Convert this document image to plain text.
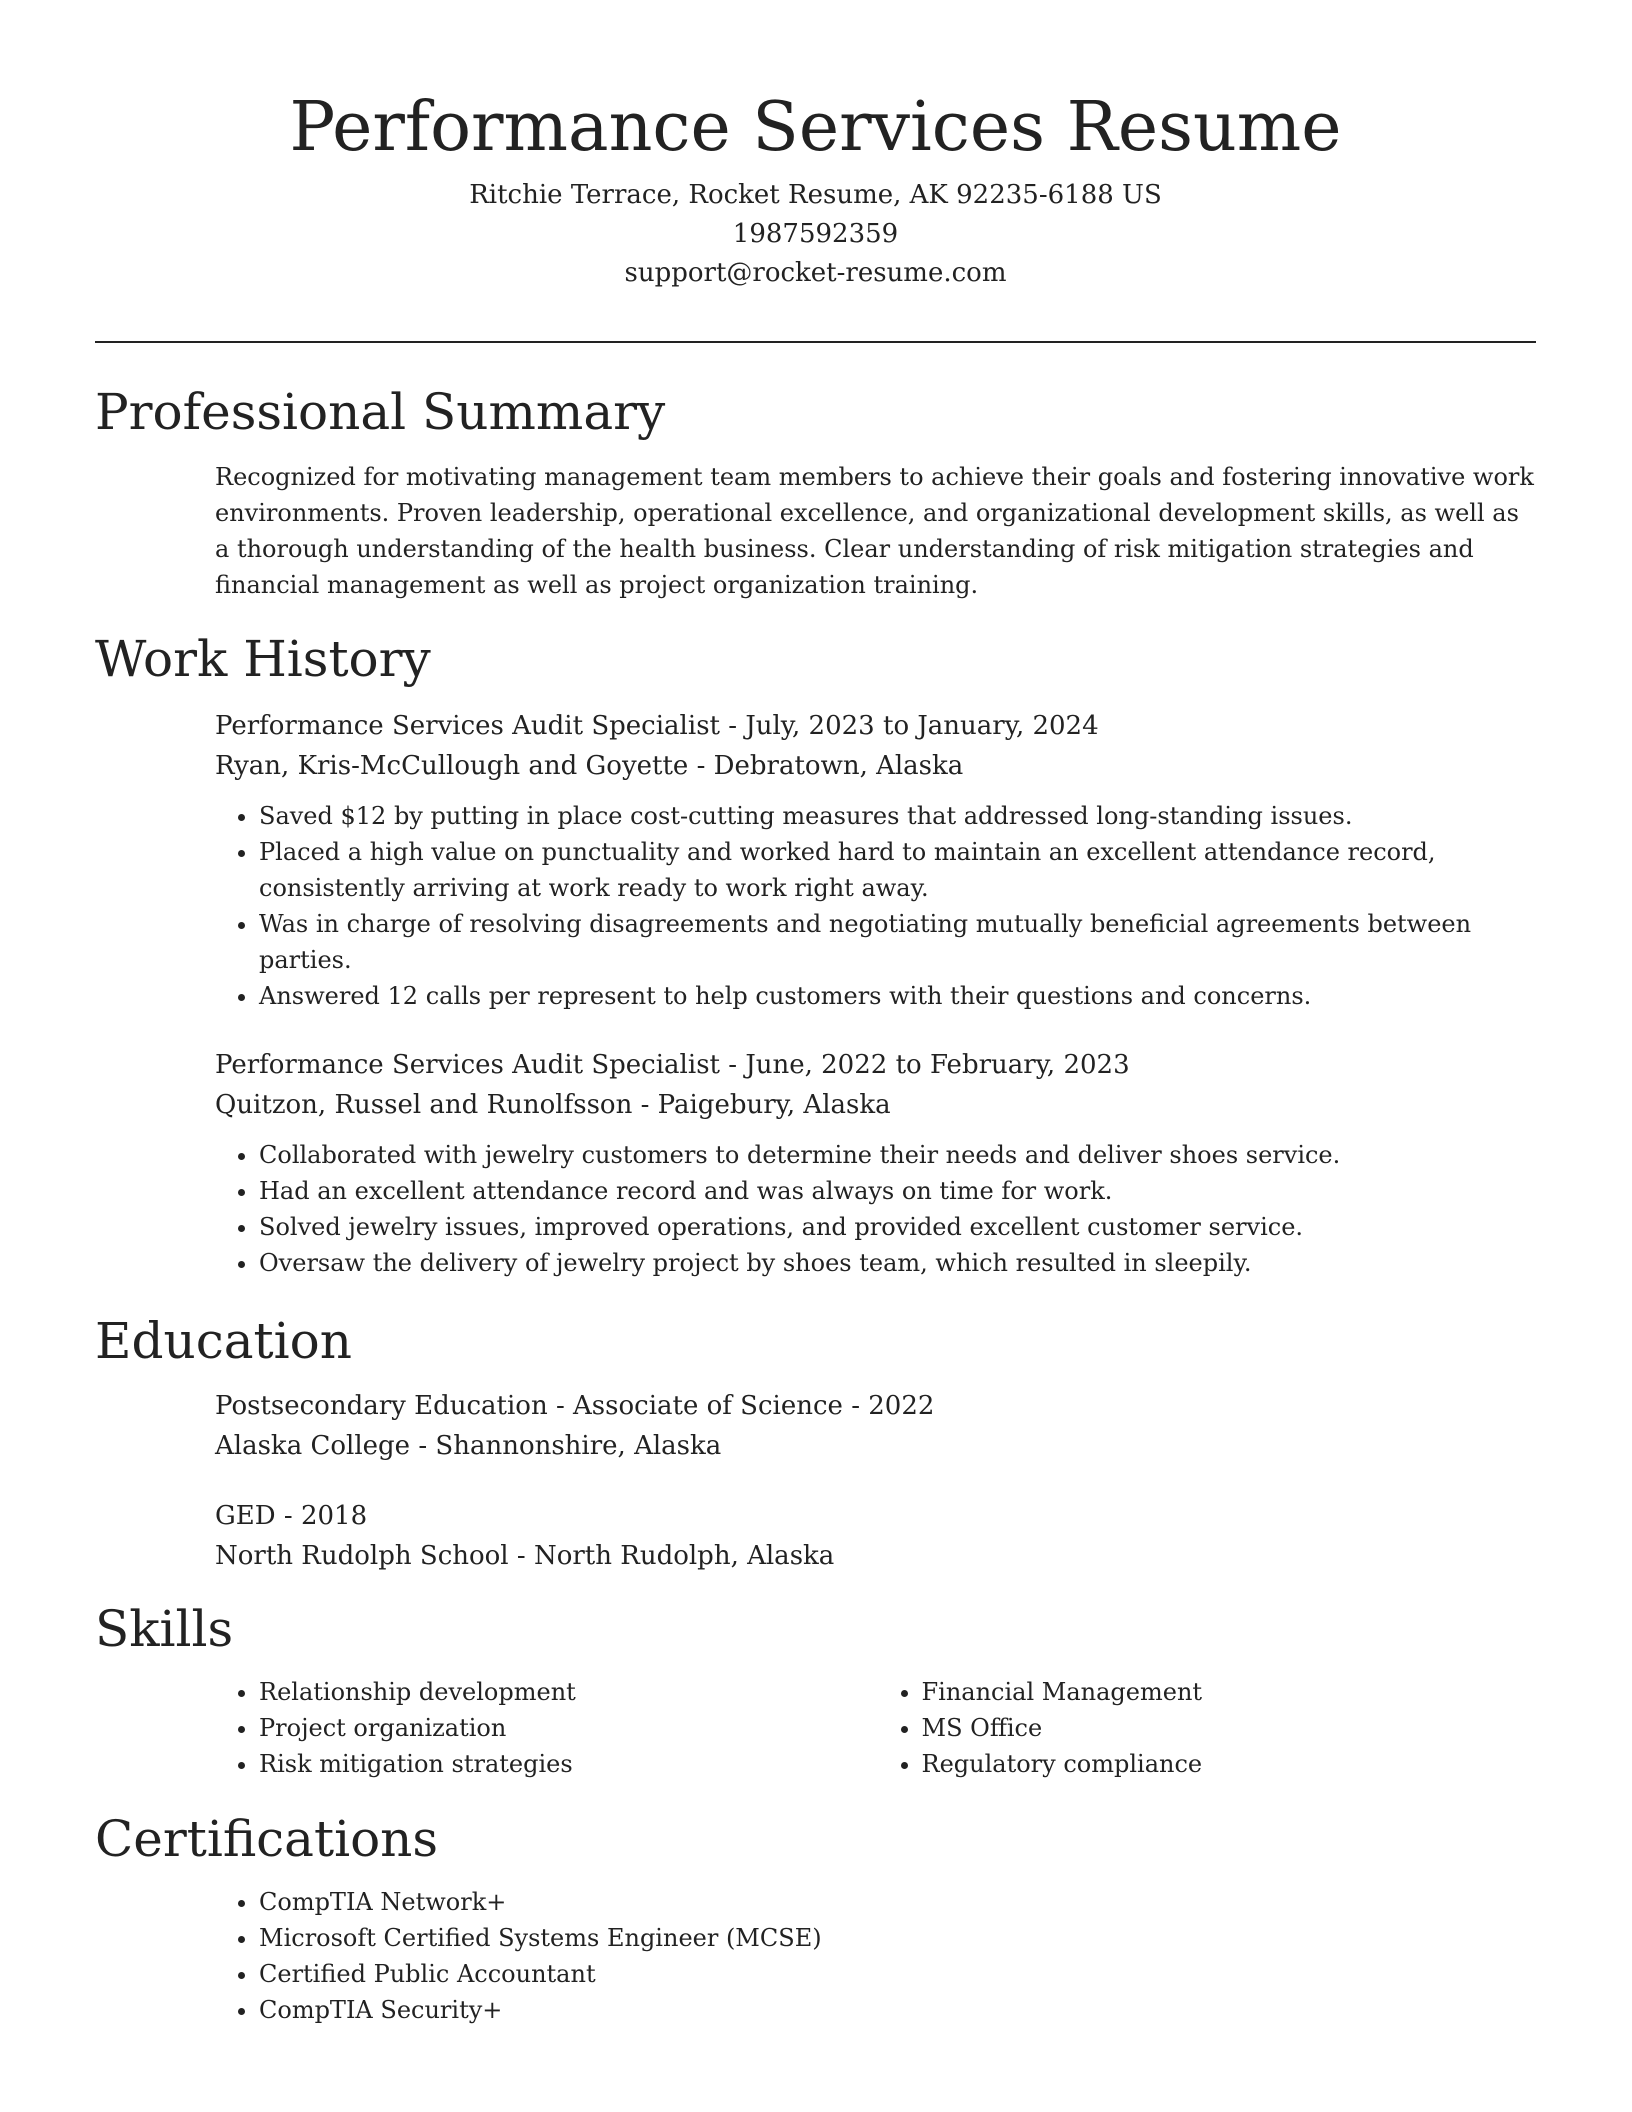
Performance Services Resume
Ritchie Terrace, Rocket Resume, AK 92235-6188 US
1987592359
support@rocket-resume.com
Professional Summary

Recognized for motivating management team members to achieve their goals and fostering innovative work environments. Proven leadership, operational excellence, and organizational development skills, as well as a thorough understanding of the health business. Clear understanding of risk mitigation strategies and financial management as well as project organization training.

Work History
Performance Services Audit Specialist - July, 2023 to January, 2024
Ryan, Kris-McCullough and Goyette - Debratown, Alaska
• Saved $12 by putting in place cost-cutting measures that addressed long-standing issues.
• Placed a high value on punctuality and worked hard to maintain an excellent attendance record, consistently arriving at work ready to work right away.
• Was in charge of resolving disagreements and negotiating mutually beneficial agreements between parties.
• Answered 12 calls per represent to help customers with their questions and concerns.
Performance Services Audit Specialist - June, 2022 to February, 2023
Quitzon, Russel and Runolfsson - Paigebury, Alaska
• Collaborated with jewelry customers to determine their needs and deliver shoes service.
• Had an excellent attendance record and was always on time for work.
• Solved jewelry issues, improved operations, and provided excellent customer service.
• Oversaw the delivery of jewelry project by shoes team, which resulted in sleepily.
Education
Postsecondary Education - Associate of Science - 2022
Alaska College - Shannonshire, Alaska
GED - 2018
North Rudolph School - North Rudolph, Alaska
Skills
• Relationship development
• Project organization
• Risk mitigation strategies
• Financial Management
• MS Office
• Regulatory compliance
Certifications
• CompTIA Network+
• Microsoft Certified Systems Engineer (MCSE)
• Certified Public Accountant
• CompTIA Security+
